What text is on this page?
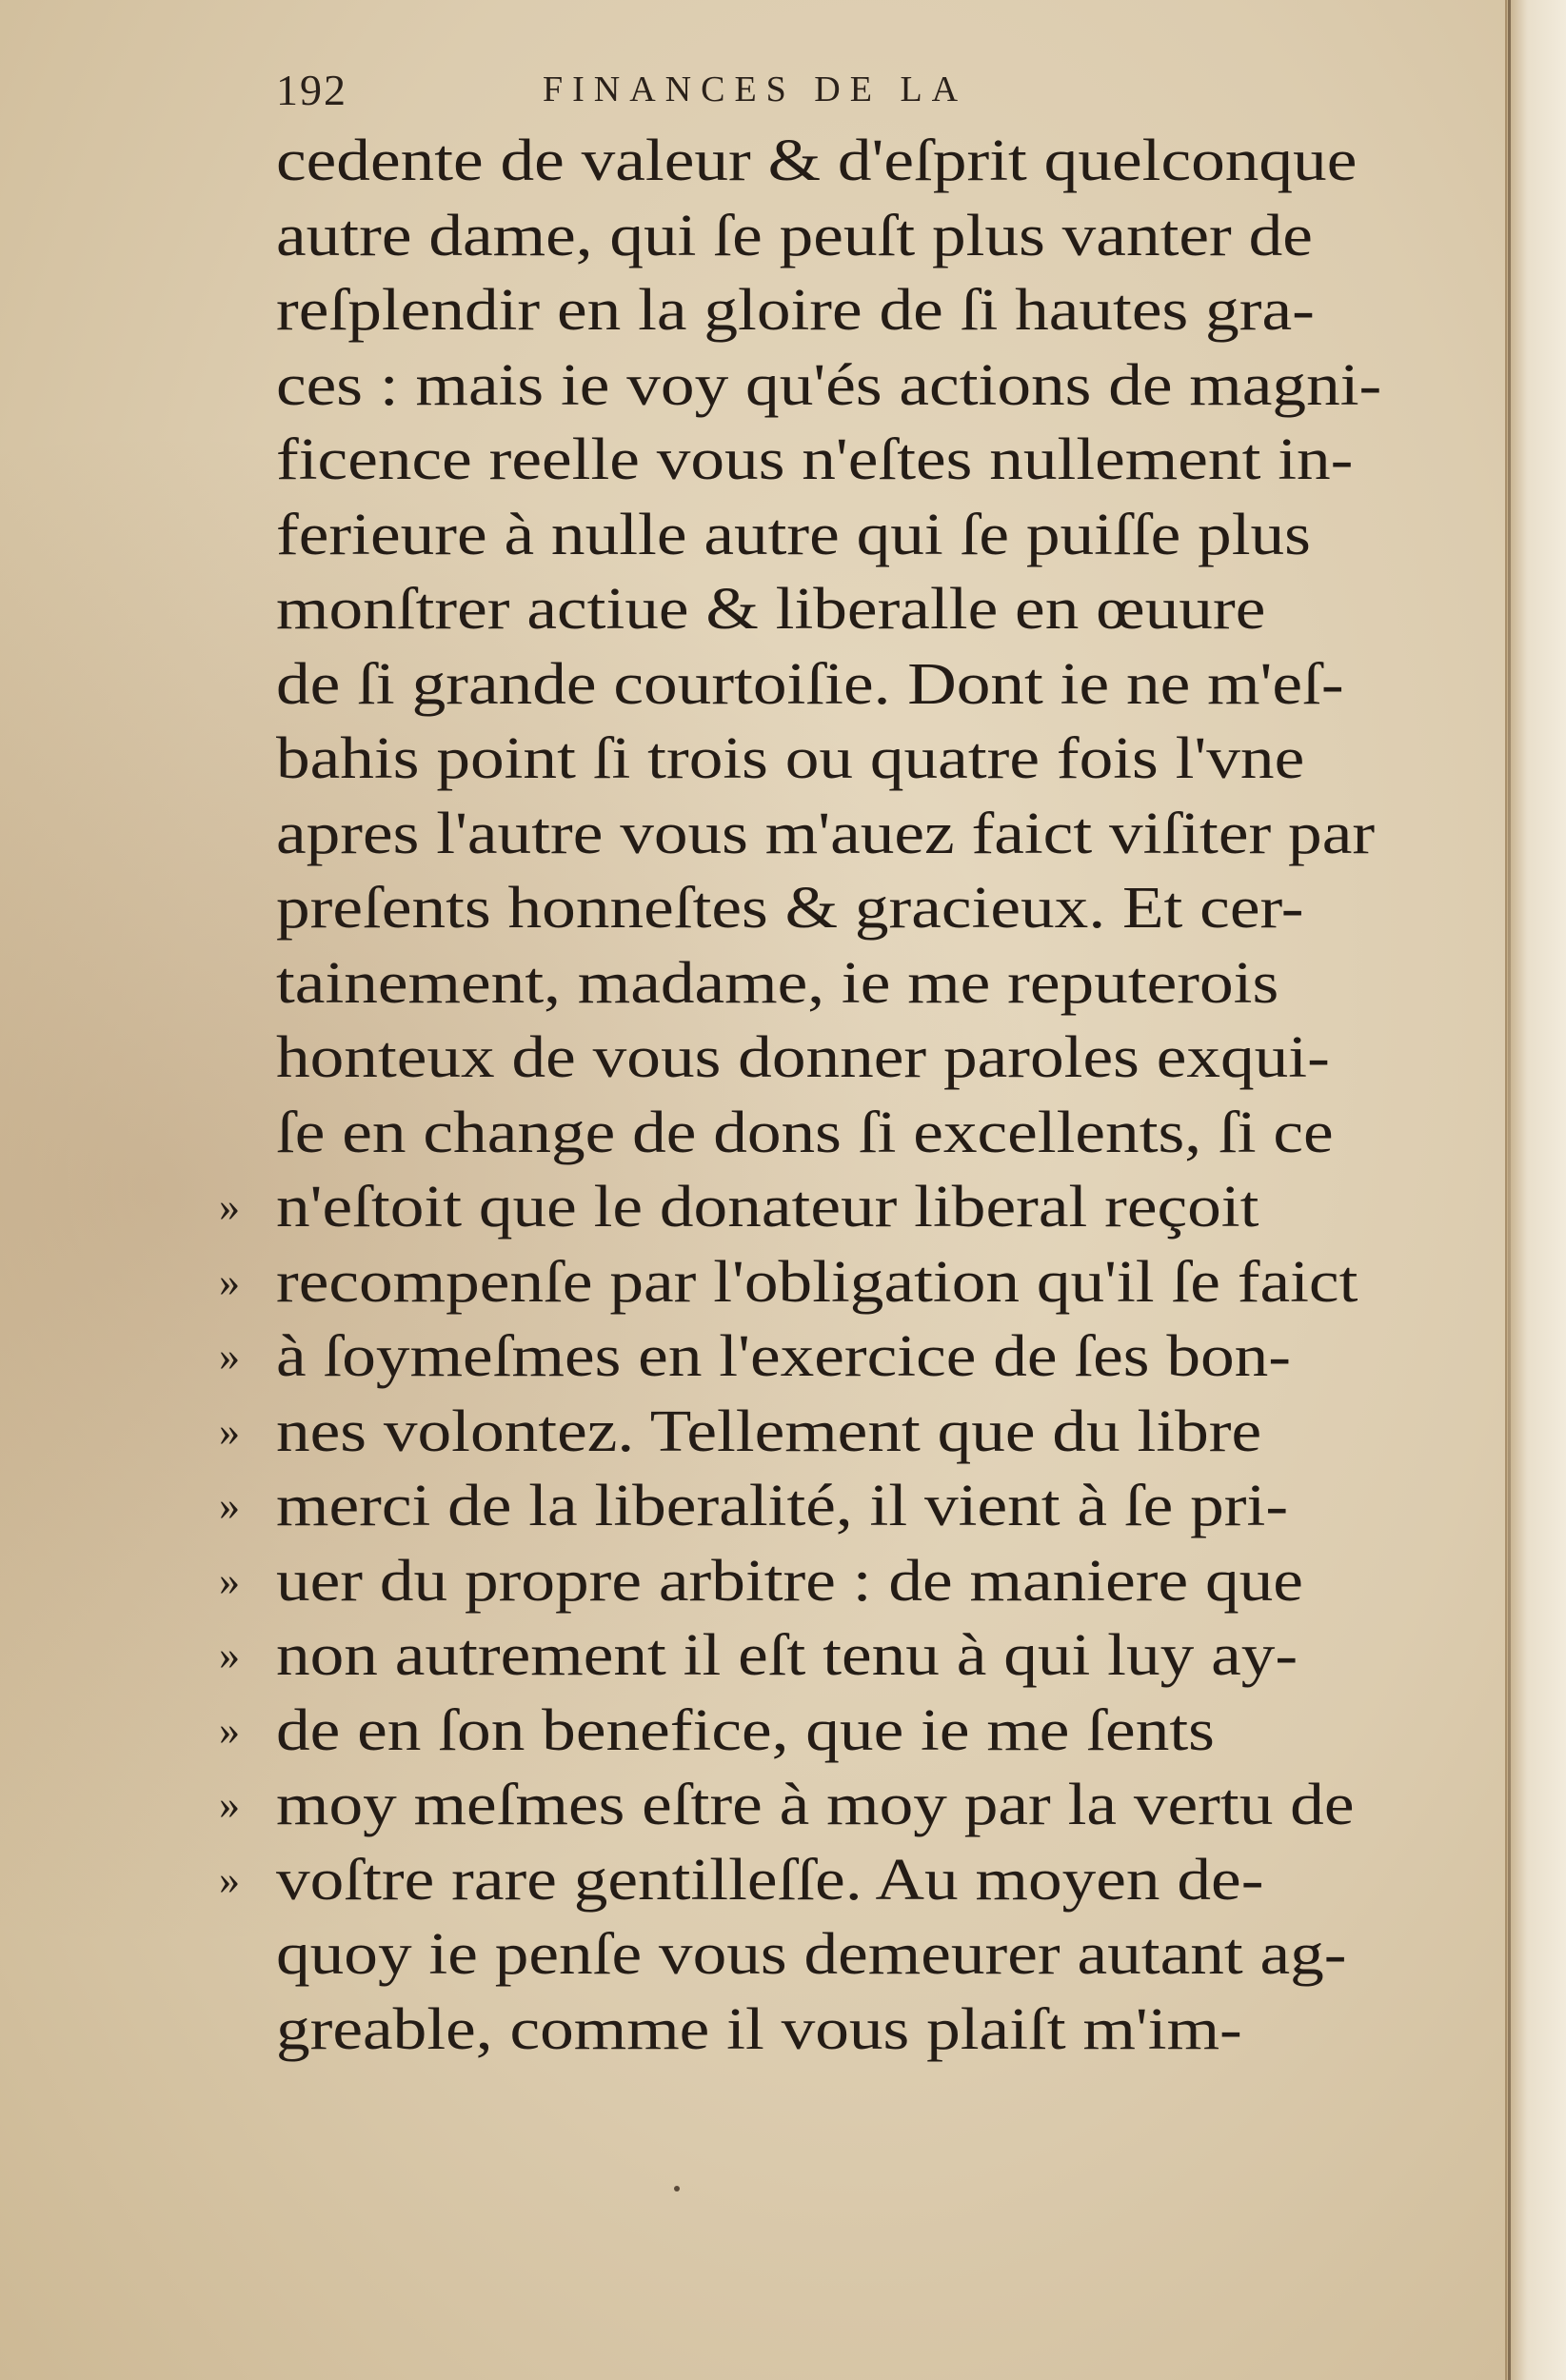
192	FINANCES DE LA
cedente de valeur & d'eſprit quelconque
autre dame, qui ſe peuſt plus vanter de
reſplendir en la gloire de ſi hautes gra-
ces : mais ie voy qu'és actions de magni-
ficence reelle vous n'eſtes nullement in-
ferieure à nulle autre qui ſe puiſſe plus
monſtrer actiue & liberalle en œuure
de ſi grande courtoiſie. Dont ie ne m'eſ-
bahis point ſi trois ou quatre fois l'vne
apres l'autre vous m'auez faict viſiter par
preſents honneſtes & gracieux. Et cer-
tainement, madame, ie me reputerois
honteux de vous donner paroles exqui-
ſe en change de dons ſi excellents, ſi ce
» n'eſtoit que le donateur liberal reçoit
» recompenſe par l'obligation qu'il ſe faict
» à ſoymeſmes en l'exercice de ſes bon-
» nes volontez. Tellement que du libre
» merci de la liberalité, il vient à ſe pri-
» uer du propre arbitre : de maniere que
» non autrement il eſt tenu à qui luy ay-
» de en ſon benefice, que ie me ſents
» moy meſmes eſtre à moy par la vertu de
» voſtre rare gentilleſſe. Au moyen de-
quoy ie penſe vous demeurer autant ag-
greable, comme il vous plaiſt m'im-
